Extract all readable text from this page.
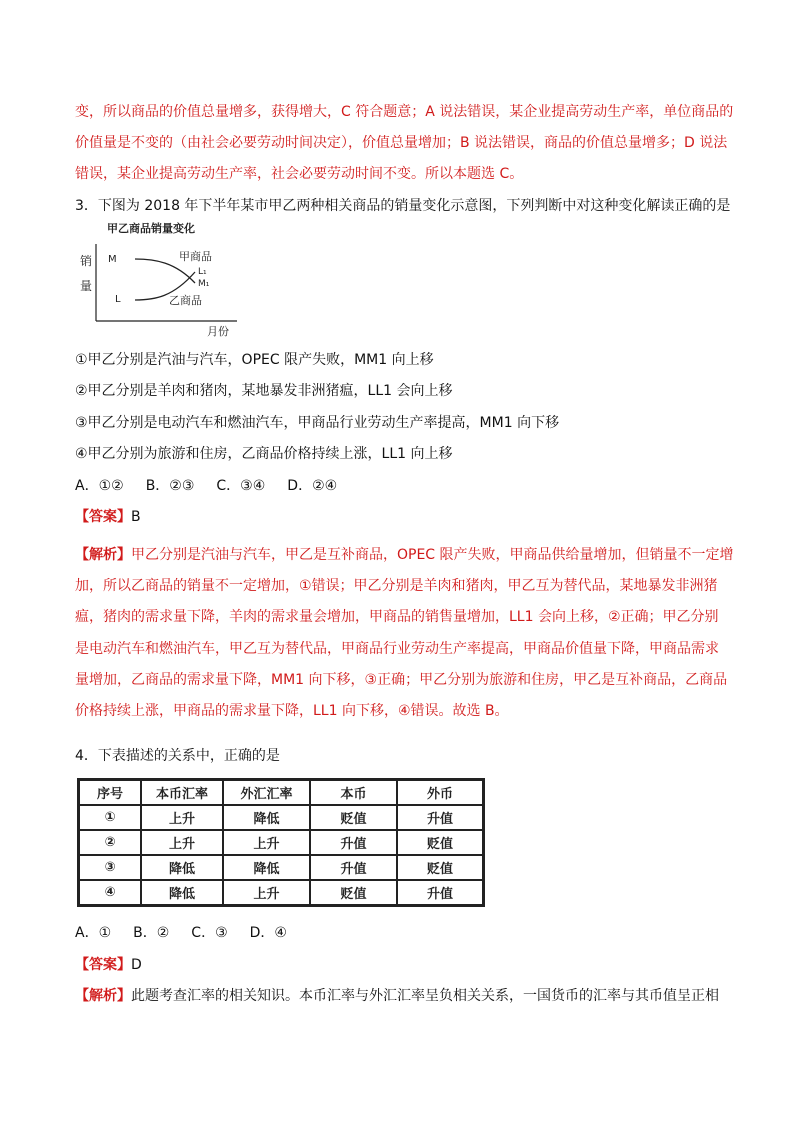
变，所以商品的价值总量增多，获得增大，C 符合题意；A 说法错误，某企业提高劳动生产率，单位商品的
价值量是不变的（由社会必要劳动时间决定），价值总量增加；B 说法错误，商品的价值总量增多；D 说法
错误，某企业提高劳动生产率，社会必要劳动时间不变。所以本题选 C。
3．下图为 2018 年下半年某市甲乙两种相关商品的销量变化示意图，下列判断中对这种变化解读正确的是
甲乙商品销量变化
销
量
月份
M
L
甲商品
L₁
M₁
乙商品
①甲乙分别是汽油与汽车，OPEC 限产失败，MM1 向上移
②甲乙分别是羊肉和猪肉，某地暴发非洲猪瘟，LL1 会向上移
③甲乙分别是电动汽车和燃油汽车，甲商品行业劳动生产率提高，MM1 向下移
④甲乙分别为旅游和住房，乙商品价格持续上涨，LL1 向上移
A．①② B．②③ C．③④ D．②④
【答案】B
【解析】甲乙分别是汽油与汽车，甲乙是互补商品，OPEC 限产失败，甲商品供给量增加，但销量不一定增
加，所以乙商品的销量不一定增加，①错误；甲乙分别是羊肉和猪肉，甲乙互为替代品，某地暴发非洲猪
瘟，猪肉的需求量下降，羊肉的需求量会增加，甲商品的销售量增加，LL1 会向上移，②正确；甲乙分别
是电动汽车和燃油汽车，甲乙互为替代品，甲商品行业劳动生产率提高，甲商品价值量下降，甲商品需求
量增加，乙商品的需求量下降，MM1 向下移，③正确；甲乙分别为旅游和住房，甲乙是互补商品，乙商品
价格持续上涨，甲商品的需求量下降，LL1 向下移，④错误。故选 B。
4．下表描述的关系中，正确的是
序号	本币汇率	外汇汇率	本币	外币
①	上升	降低	贬值	升值
②	上升	上升	升值	贬值
③	降低	降低	升值	贬值
④	降低	上升	贬值	升值
A．① B．② C．③ D．④
【答案】D
【解析】此题考查汇率的相关知识。本币汇率与外汇汇率呈负相关关系，一国货币的汇率与其币值呈正相
